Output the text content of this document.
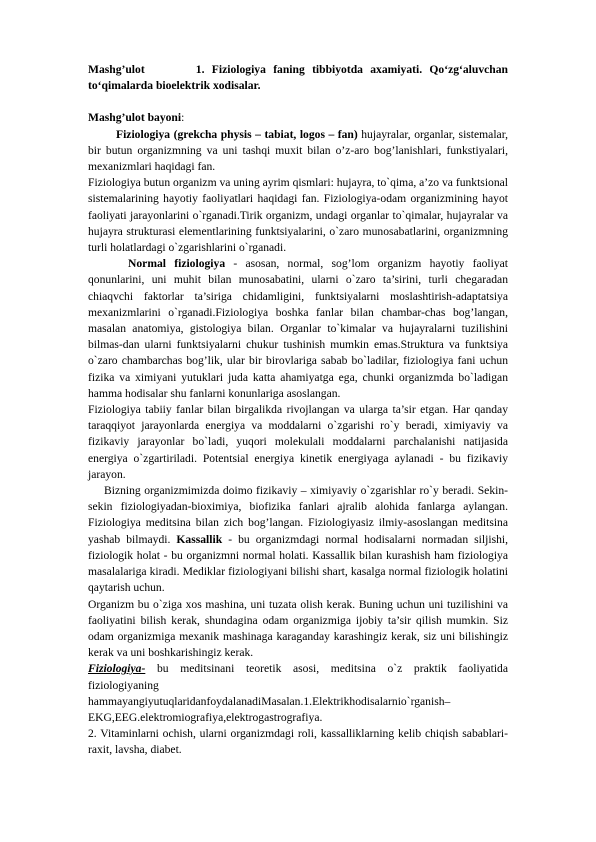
Mashg’ulot	1. Fiziologiya faning tibbiyotda axamiyati. Qo‘zg‘aluvchan to‘qimalarda bioelektrik xodisalar.

Mashg’ulot bayoni:

Fiziologiya (grekcha physis – tabiat, logos – fan) hujayralar, organlar, sistemalar, bir butun organizmning va uni tashqi muxit bilan o’z-aro bog’lanishlari, funkstiyalari, mexanizmlari haqidagi fan.

Fiziologiya butun organizm va uning ayrim qismlari: hujayra, to`qima, a’zo va funktsional sistemalarining hayotiy faoliyatlari haqidagi fan. Fiziologiya-odam organizmining hayot faoliyati jarayonlarini o`rganadi.Tirik organizm, undagi organlar to`qimalar, hujayralar va hujayra strukturasi elementlarining funktsiyalarini, o`zaro munosabatlarini, organizmning turli holatlardagi o`zgarishlarini o`rganadi.

Normal fiziologiya - asosan, normal, sog’lom organizm hayotiy faoliyat qonunlarini, uni muhit bilan munosabatini, ularni o`zaro ta’sirini, turli chegaradan chiaqvchi faktorlar ta’siriga chidamligini, funktsiyalarni moslashtirish-adaptatsiya mexanizmlarini o`rganadi.Fiziologiya boshka fanlar bilan chambar-chas bog’langan, masalan anatomiya, gistologiya bilan. Organlar to`kimalar va hujayralarni tuzilishini bilmas-dan ularni funktsiyalarni chukur tushinish mumkin emas.Struktura va funktsiya o`zaro chambarchas bog’lik, ular bir birovlariga sabab bo`ladilar, fiziologiya fani uchun fizika va ximiyani yutuklari juda katta ahamiyatga ega, chunki organizmda bo`ladigan hamma hodisalar shu fanlarni konunlariga asoslangan.

Fiziologiya tabiiy fanlar bilan birgalikda rivojlangan va ularga ta’sir etgan. Har qanday taraqqiyot jarayonlarda energiya va moddalarni o`zgarishi ro`y beradi, ximiyaviy va fizikaviy jarayonlar bo`ladi, yuqori molekulali moddalarni parchalanishi natijasida energiya o`zgartiriladi. Potentsial energiya kinetik energiyaga aylanadi - bu fizikaviy jarayon.

Bizning organizmimizda doimo fizikaviy – ximiyaviy o`zgarishlar ro`y beradi. Sekin-sekin fiziologiyadan-bioximiya, biofizika fanlari ajralib alohida fanlarga aylangan. Fiziologiya meditsina bilan zich bog’langan. Fiziologiyasiz ilmiy-asoslangan meditsina yashab bilmaydi. Kassallik - bu organizmdagi normal hodisalarni normadan siljishi, fiziologik holat - bu organizmni normal holati. Kassallik bilan kurashish ham fiziologiya masalalariga kiradi. Mediklar fiziologiyani bilishi shart, kasalga normal fiziologik holatini qaytarish uchun.

Organizm bu o`ziga xos mashina, uni tuzata olish kerak. Buning uchun uni tuzilishini va faoliyatini bilish kerak, shundagina odam organizmiga ijobiy ta’sir qilish mumkin. Siz odam organizmiga mexanik mashinaga karaganday karashingiz kerak, siz uni bilishingiz kerak va uni boshkarishingiz kerak.

Fiziologiya- bu meditsinani teoretik asosi, meditsina o`z praktik faoliyatida fiziologiyaning

hammayangiyutuqlaridanfoydalanadiMasalan.1.Elektrikhodisalarnio`rganish–

EKG,EEG.elektromiografiya,elektrogastrografiya.

2. Vitaminlarni ochish, ularni organizmdagi roli, kassalliklarning kelib chiqish sabablari-raxit, lavsha, diabet.
